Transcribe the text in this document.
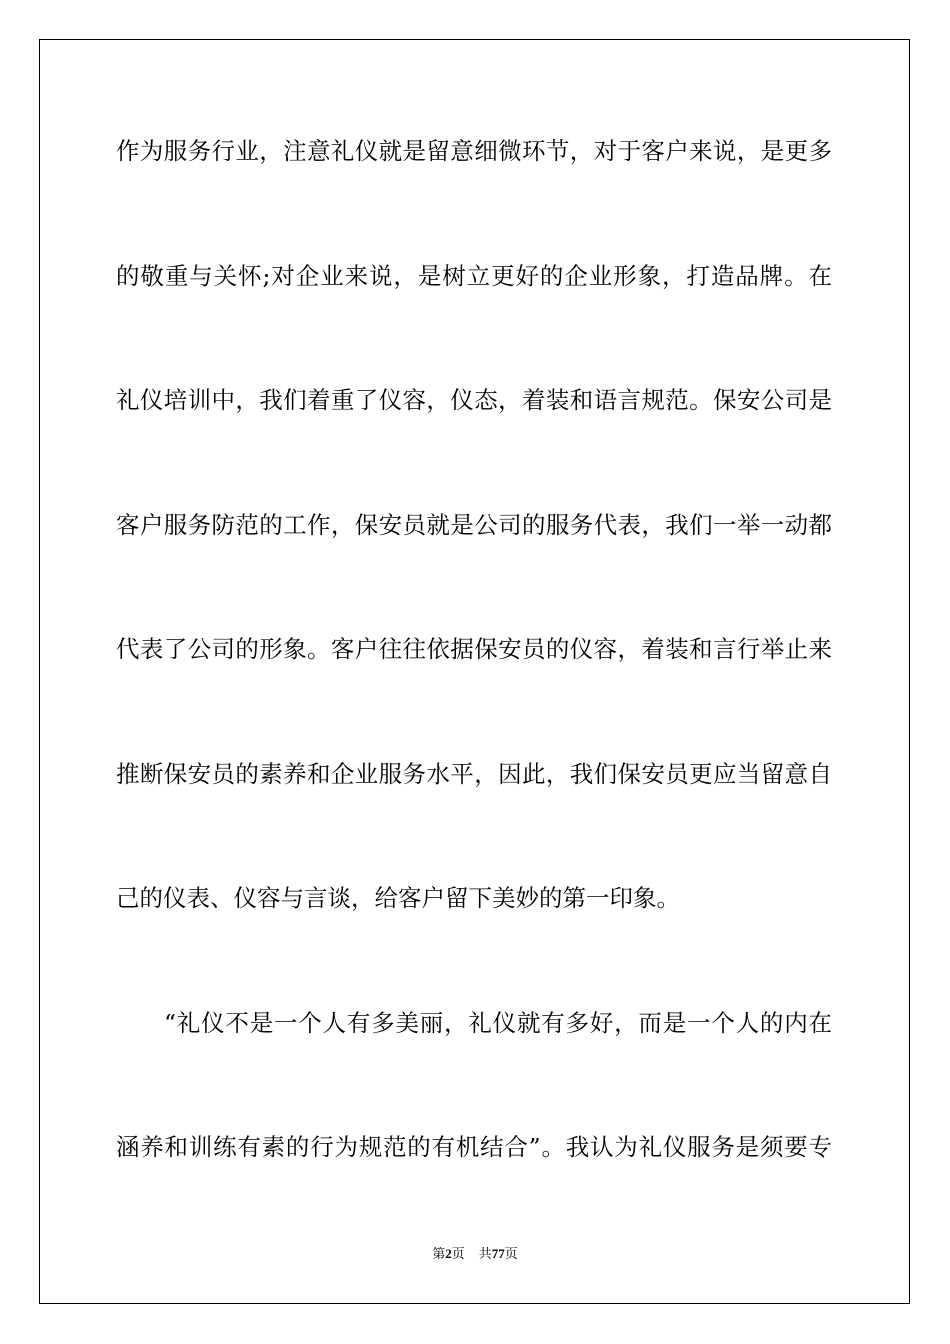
作为服务行业，注意礼仪就是留意细微环节，对于客户来说，是更多
的敬重与关怀;对企业来说，是树立更好的企业形象，打造品牌。在
礼仪培训中，我们着重了仪容，仪态，着装和语言规范。保安公司是
客户服务防范的工作，保安员就是公司的服务代表，我们一举一动都
代表了公司的形象。客户往往依据保安员的仪容，着装和言行举止来
推断保安员的素养和企业服务水平，因此，我们保安员更应当留意自
己的仪表、仪容与言谈，给客户留下美妙的第一印象。
“礼仪不是一个人有多美丽，礼仪就有多好，而是一个人的内在
涵养和训练有素的行为规范的有机结合”。我认为礼仪服务是须要专
第2页 共77页
